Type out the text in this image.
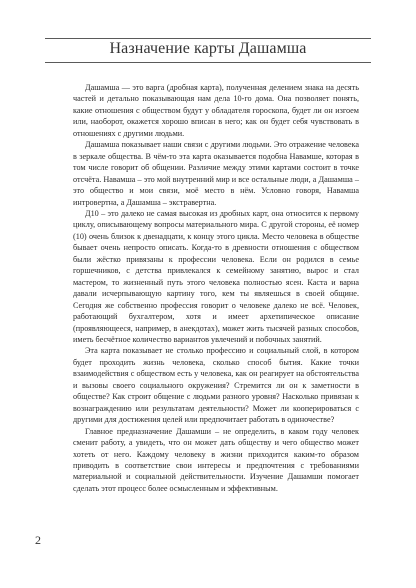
Назначение карты Дашамша

Дашамша — это варга (дробная карта), полученная делением знака на десять частей и детально показывающая нам дела 10-го дома. Она позволяет понять, какие отношения с обществом будут у обладателя гороскопа, будет ли он изгоем или, наоборот, окажется хорошо вписан в него; как он будет себя чувствовать в отношениях с другими людьми.

Дашамша показывает наши связи с другими людьми. Это отражение человека в зеркале общества. В чём-то эта карта оказывается подобна Навамше, которая в том числе говорит об общении. Различие между этими картами состоит в точке отсчёта. Навамша – это мой внутренний мир и все остальные люди, а Дашамша – это общество и мои связи, моё место в нём. Условно говоря, Навамша интровертна, а Дашамша – экстравертна.

Д10 – это далеко не самая высокая из дробных карт, она относится к первому циклу, описывающему вопросы материального мира. С другой стороны, её номер (10) очень близок к двенадцати, к концу этого цикла. Место человека в обществе бывает очень непросто описать. Когда-то в древности отношения с обществом были жёстко привязаны к профессии человека. Если он родился в семье горшечников, с детства привлекался к семейному занятию, вырос и стал мастером, то жизненный путь этого человека полностью ясен. Каста и варна давали исчерпывающую картину того, кем ты являешься в своей общине. Сегодня же собственно профессия говорит о человеке далеко не всё. Человек, работающий бухгалтером, хотя и имеет архетипическое описание (проявляющееся, например, в анекдотах), может жить тысячей разных способов, иметь бесчётное количество вариантов увлечений и побочных занятий.

Эта карта показывает не столько профессию и социальный слой, в котором будет проходить жизнь человека, сколько способ бытия. Какие точки взаимодействия с обществом есть у человека, как он реагирует на обстоятельства и вызовы своего социального окружения? Стремится ли он к заметности в обществе? Как строит общение с людьми разного уровня? Насколько привязан к вознаграждению или результатам деятельности? Может ли кооперироваться с другими для достижения целей или предпочитает работать в одиночестве?

Главное предназначение Дашамши – не определить, в каком году человек сменит работу, а увидеть, что он может дать обществу и чего общество может хотеть от него. Каждому человеку в жизни приходится каким-то образом приводить в соответствие свои интересы и предпочтения с требованиями материальной и социальной действительности. Изучение Дашамши помогает сделать этот процесс более осмысленным и эффективным.

2
